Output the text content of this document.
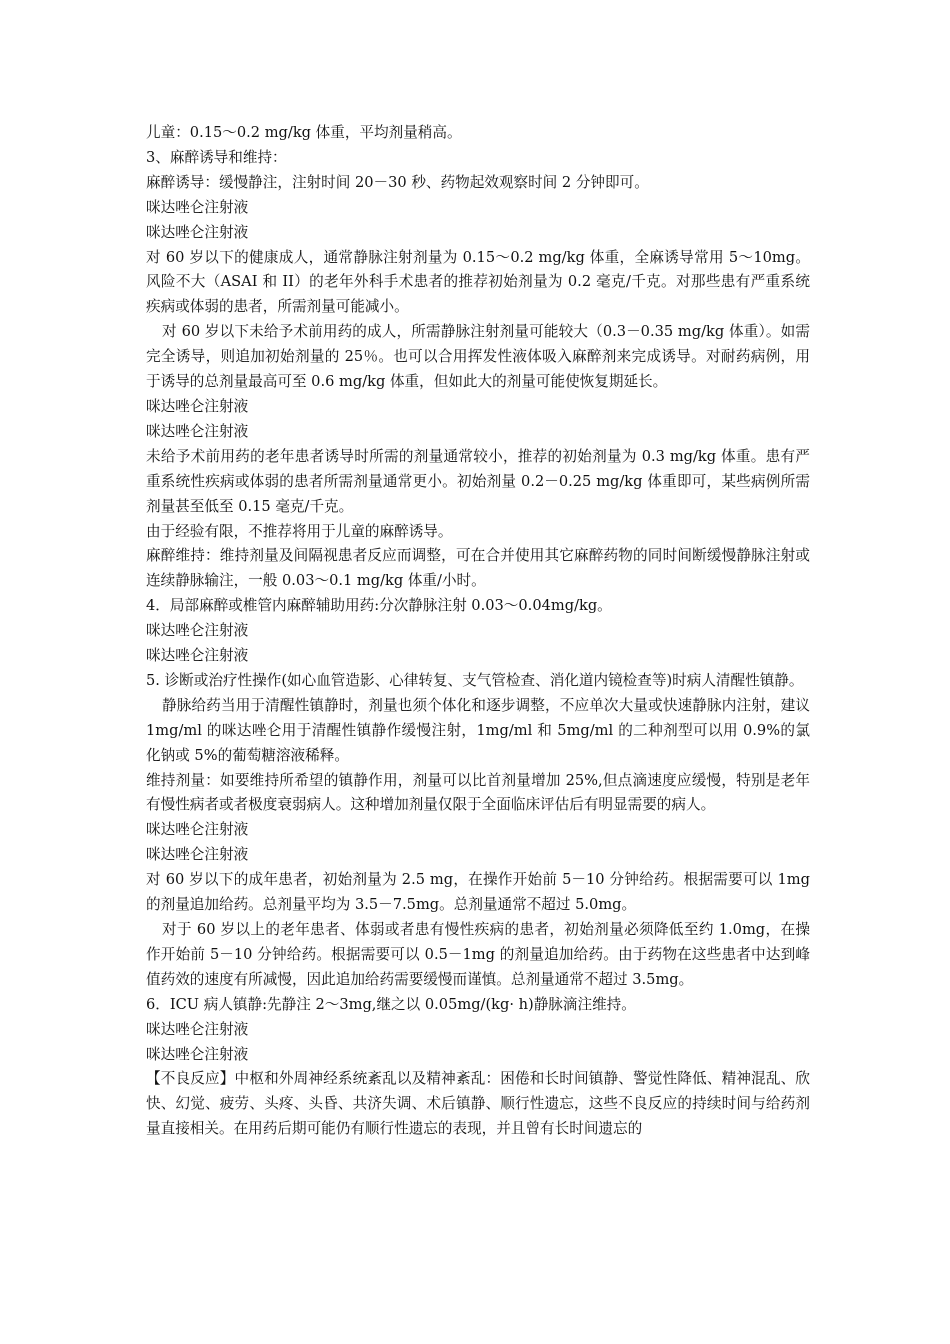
儿童：0.15～0.2 mg/kg 体重，平均剂量稍高。

3、麻醉诱导和维持：

麻醉诱导：缓慢静注，注射时间 20－30 秒、药物起效观察时间 2 分钟即可。

咪达唑仑注射液

咪达唑仑注射液

对 60 岁以下的健康成人，通常静脉注射剂量为 0.15～0.2 mg/kg 体重，全麻诱导常用 5～10mg。风险不大（ASAI 和 II）的老年外科手术患者的推荐初始剂量为 0.2 毫克/千克。对那些患有严重系统疾病或体弱的患者，所需剂量可能减小。

对 60 岁以下未给予术前用药的成人，所需静脉注射剂量可能较大（0.3－0.35 mg/kg 体重）。如需完全诱导，则追加初始剂量的 25％。也可以合用挥发性液体吸入麻醉剂来完成诱导。对耐药病例，用于诱导的总剂量最高可至 0.6 mg/kg 体重，但如此大的剂量可能使恢复期延长。

咪达唑仑注射液

咪达唑仑注射液

未给予术前用药的老年患者诱导时所需的剂量通常较小，推荐的初始剂量为 0.3 mg/kg 体重。患有严重系统性疾病或体弱的患者所需剂量通常更小。初始剂量 0.2－0.25 mg/kg 体重即可，某些病例所需剂量甚至低至 0.15 毫克/千克。

由于经验有限，不推荐将用于儿童的麻醉诱导。

麻醉维持：维持剂量及间隔视患者反应而调整，可在合并使用其它麻醉药物的同时间断缓慢静脉注射或连续静脉输注，一般 0.03～0.1 mg/kg 体重/小时。

4．局部麻醉或椎管内麻醉辅助用药:分次静脉注射 0.03～0.04mg/kg。

咪达唑仑注射液

咪达唑仑注射液

5. 诊断或治疗性操作(如心血管造影、心律转复、支气管检查、消化道内镜检查等)时病人清醒性镇静。

静脉给药当用于清醒性镇静时，剂量也须个体化和逐步调整，不应单次大量或快速静脉内注射，建议 1mg/ml 的咪达唑仑用于清醒性镇静作缓慢注射，1mg/ml 和 5mg/ml 的二种剂型可以用 0.9%的氯化钠或 5%的葡萄糖溶液稀释。

维持剂量：如要维持所希望的镇静作用，剂量可以比首剂量增加 25%,但点滴速度应缓慢，特别是老年有慢性病者或者极度衰弱病人。这种增加剂量仅限于全面临床评估后有明显需要的病人。

咪达唑仑注射液

咪达唑仑注射液

对 60 岁以下的成年患者，初始剂量为 2.5 mg，在操作开始前 5－10 分钟给药。根据需要可以 1mg 的剂量追加给药。总剂量平均为 3.5－7.5mg。总剂量通常不超过 5.0mg。

对于 60 岁以上的老年患者、体弱或者患有慢性疾病的患者，初始剂量必须降低至约 1.0mg，在操作开始前 5－10 分钟给药。根据需要可以 0.5－1mg 的剂量追加给药。由于药物在这些患者中达到峰值药效的速度有所减慢，因此追加给药需要缓慢而谨慎。总剂量通常不超过 3.5mg。

6．ICU 病人镇静:先静注 2～3mg,继之以 0.05mg/(kg· h)静脉滴注维持。

咪达唑仑注射液

咪达唑仑注射液

【不良反应】中枢和外周神经系统紊乱以及精神紊乱：困倦和长时间镇静、警觉性降低、精神混乱、欣快、幻觉、疲劳、头疼、头昏、共济失调、术后镇静、顺行性遗忘，这些不良反应的持续时间与给药剂量直接相关。在用药后期可能仍有顺行性遗忘的表现，并且曾有长时间遗忘的
